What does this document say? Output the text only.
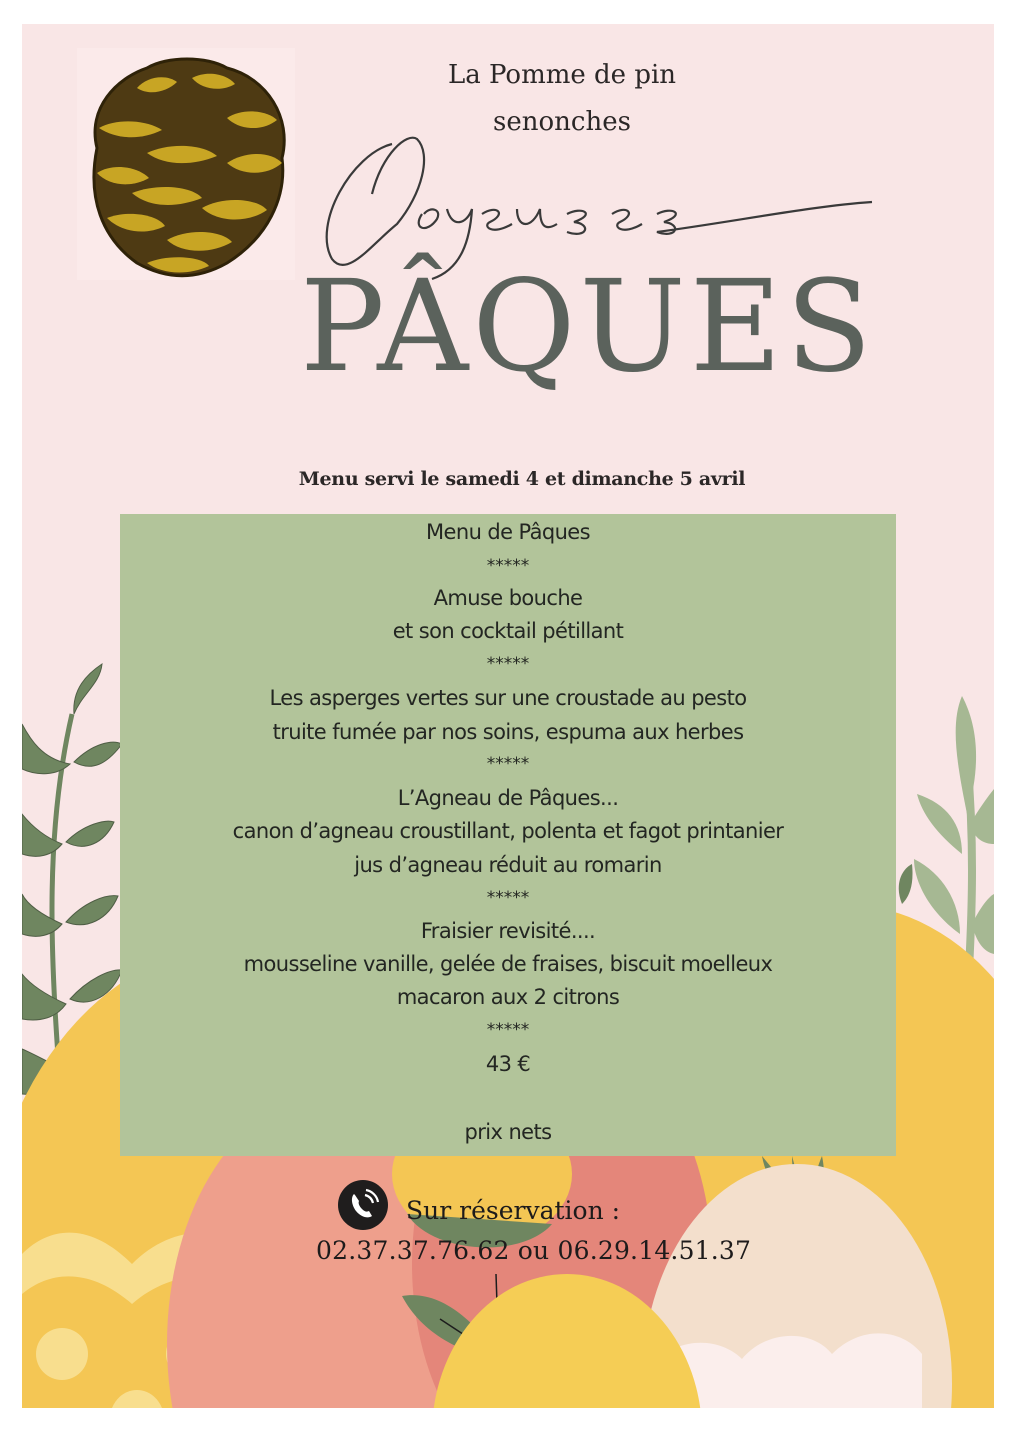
La Pomme de pin
senonches
PÂQUES
Menu servi le samedi 4 et dimanche 5 avril
Menu de Pâques
*****
Amuse bouche
et son cocktail pétillant
*****
Les asperges vertes sur une croustade au pesto
truite fumée par nos soins, espuma aux herbes
*****
L’Agneau de Pâques...
canon d’agneau croustillant, polenta et fagot printanier
jus d’agneau réduit au romarin
*****
Fraisier revisité....
mousseline vanille, gelée de fraises, biscuit moelleux
macaron aux 2 citrons
*****
43 €
prix nets
Sur réservation :
02.37.37.76.62 ou 06.29.14.51.37
